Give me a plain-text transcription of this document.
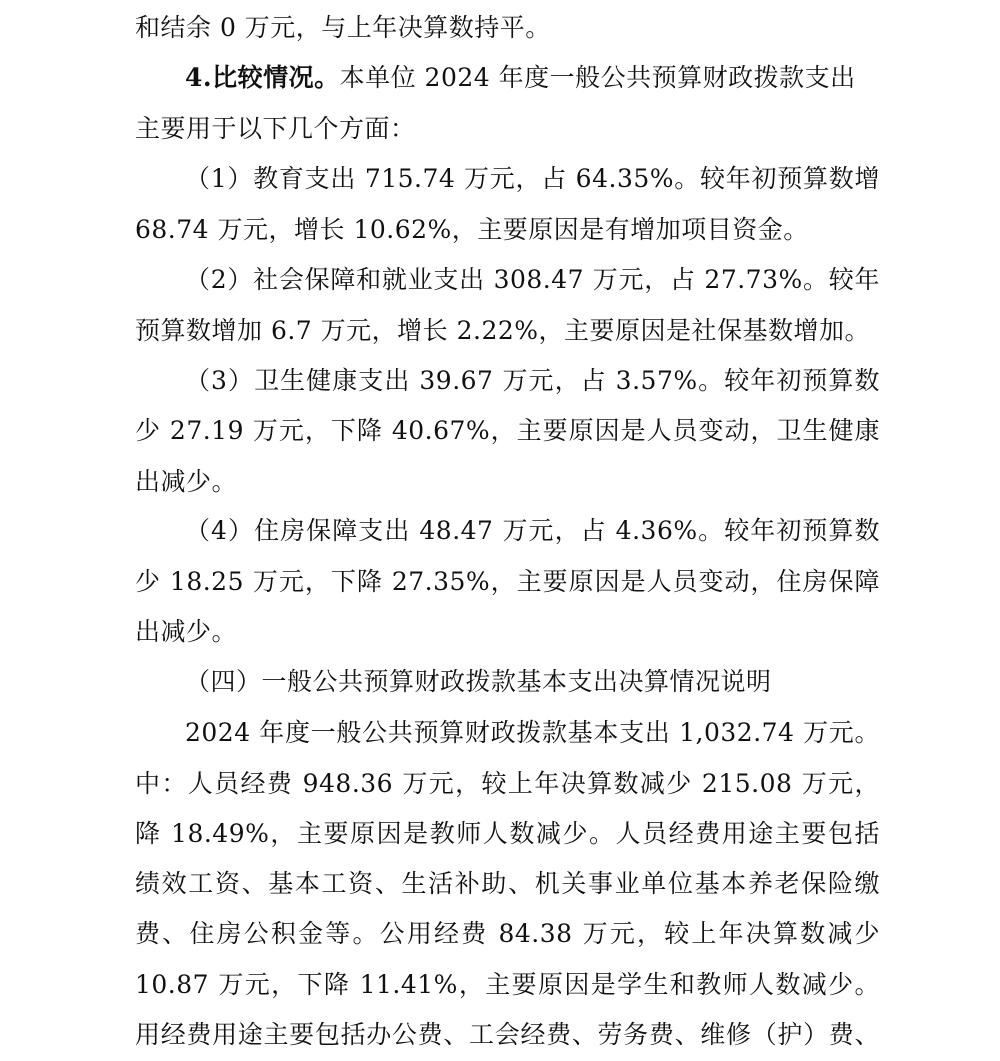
和结余 0 万元，与上年决算数持平。
4.比较情况。本单位 2024 年度一般公共预算财政拨款支出
主要用于以下几个方面：
（1）教育支出 715.74 万元，占 64.35%。较年初预算数增
68.74 万元，增长 10.62%，主要原因是有增加项目资金。
（2）社会保障和就业支出 308.47 万元，占 27.73%。较年
预算数增加 6.7 万元，增长 2.22%，主要原因是社保基数增加。
（3）卫生健康支出 39.67 万元，占 3.57%。较年初预算数
少 27.19 万元，下降 40.67%，主要原因是人员变动，卫生健康
出减少。
（4）住房保障支出 48.47 万元，占 4.36%。较年初预算数
少 18.25 万元，下降 27.35%，主要原因是人员变动，住房保障
出减少。
（四）一般公共预算财政拨款基本支出决算情况说明
2024 年度一般公共预算财政拨款基本支出 1,032.74 万元。
中：人员经费 948.36 万元，较上年决算数减少 215.08 万元，
降 18.49%，主要原因是教师人数减少。人员经费用途主要包括
绩效工资、基本工资、生活补助、机关事业单位基本养老保险缴
费、住房公积金等。公用经费 84.38 万元，较上年决算数减少
10.87 万元，下降 11.41%，主要原因是学生和教师人数减少。
用经费用途主要包括办公费、工会经费、劳务费、维修（护）费、
